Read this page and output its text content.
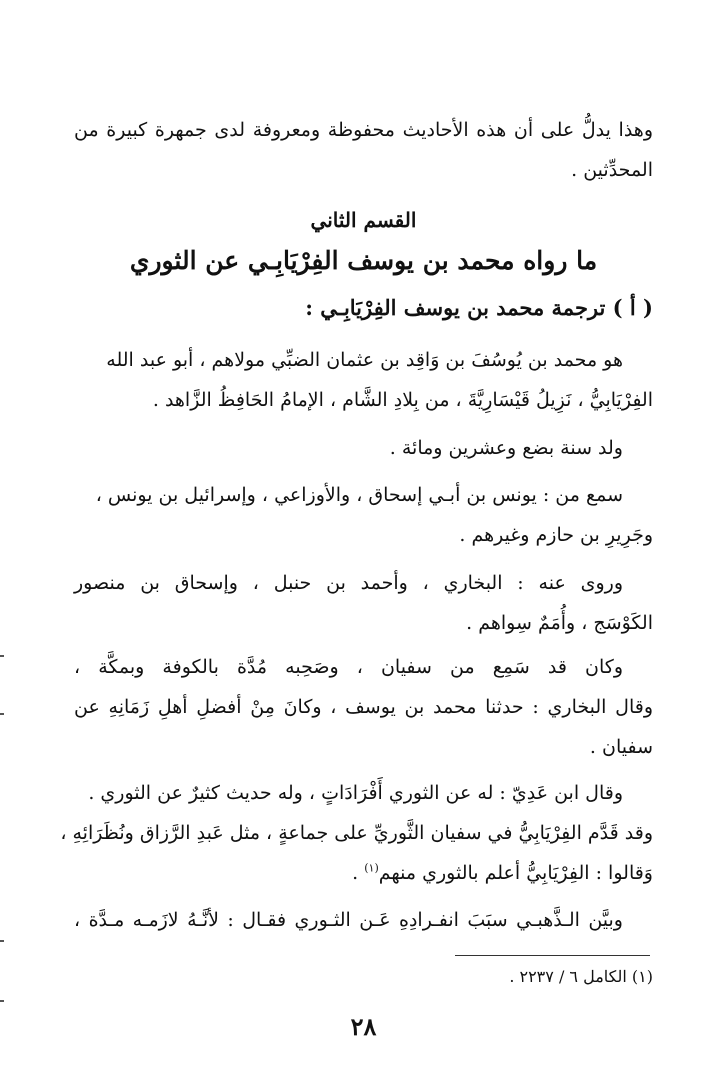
وهذا يدلُّ على أن هذه الأحاديث محفوظة ومعروفة لدى جمهرة كبيرة من
المحدِّثين .
القسم الثاني
ما رواه محمد بن يوسف الفِرْيَابِـي عن الثوري
( أ ) ترجمة محمد بن يوسف الفِرْيَابِـي :
هو محمد بن يُوسُفَ بن وَاقِد بن عثمان الضبِّي مولاهم ، أبو عبد الله
الفِرْيَابِيُّ ، نَزِيلُ قَيْسَارِيَّةَ ، من بِلادِ الشَّام ، الإمامُ الحَافِظُ الزَّاهد .
ولد سنة بضع وعشرين ومائة .
سمع من : يونس بن أبـي إسحاق ، والأوزاعي ، وإسرائيل بن يونس ،
وجَرِيرِ بن حازم وغيرهم .
وروى عنه : البخاري ، وأحمد بن حنبل ، وإسحاق بن منصور
الكَوْسَج ، وأُمَمٌ سِواهم .
وكان قد سَمِع من سفيان ، وصَحِبه مُدَّة بالكوفة وبمكَّة ،
وقال البخاري : حدثنا محمد بن يوسف ، وكانَ مِنْ أفضلِ أهلِ زَمَانِهِ عن
سفيان .
وقال ابن عَدِيّ : له عن الثوري أَفْرَادَاتٍ ، وله حديث كثيرٌ عن الثوري .
وقد قَدَّم الفِرْيَابِيُّ في سفيان الثَّوريِّ على جماعةٍ ، مثل عَبدِ الرَّزاق ونُظَرَائِهِ ،
وَقالوا : الفِرْيَابِيُّ أعلم بالثوري منهم$^{(١)}$ .
وبيَّن الـذَّهبـي سبَبَ انفـرادِهِ عَـن الثـوري فقـال : لأنَّـهُ لازَمـه مـدَّة ،
(١) الكامل ٦ / ٢٢٣٧ .
٢٨
